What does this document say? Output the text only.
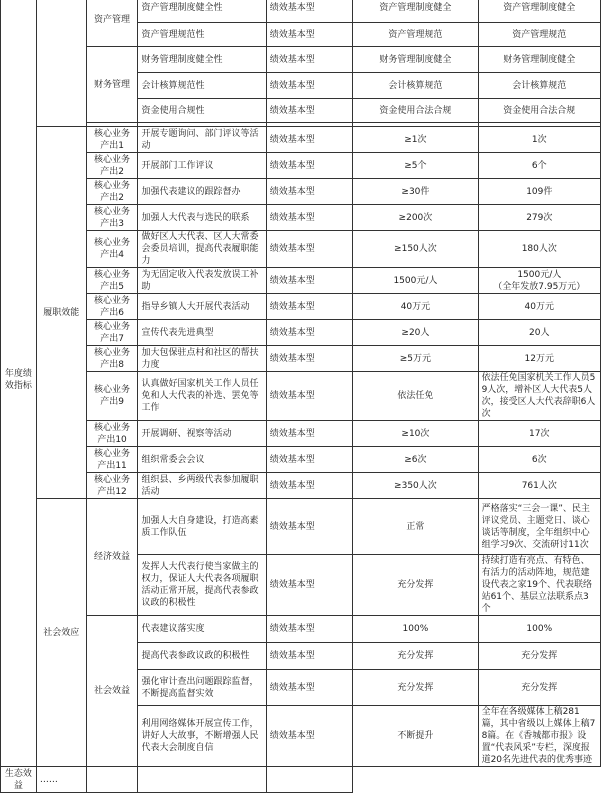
年度绩效指标		资产管理	资产管理制度健全性	绩效基本型	资产管理制度健全	资产管理制度健全
			资产管理规范性	绩效基本型	资产管理规范	资产管理规范
		财务管理	财务管理制度健全性	绩效基本型	财务管理制度健全	财务管理制度健全
			会计核算规范性	绩效基本型	会计核算规范	会计核算规范
			资金使用合规性	绩效基本型	资金使用合法合规	资金使用合法合规

	履职效能	核心业务产出1	开展专题询问、部门评议等活动	绩效基本型	≥1次	1次
		核心业务产出2	开展部门工作评议	绩效基本型	≥5个	6个
		核心业务产出2	加强代表建议的跟踪督办	绩效基本型	≥30件	109件
		核心业务产出3	加强人大代表与选民的联系	绩效基本型	≥200次	279次
		核心业务产出4	做好区人大代表、区人大常委会委员培训，提高代表履职能力	绩效基本型	≥150人次	180人次
		核心业务产出5	为无固定收入代表发放误工补助	绩效基本型	1500元/人	1500元/人
（全年发放7.95万元）
		核心业务产出6	指导乡镇人大开展代表活动	绩效基本型	40万元	40万元
		核心业务产出7	宣传代表先进典型	绩效基本型	≥20人	20人
		核心业务产出8	加大包保驻点村和社区的帮扶力度	绩效基本型	≥5万元	12万元
		核心业务产出9	认真做好国家机关工作人员任免和人大代表的补选、罢免等工作	绩效基本型	依法任免	依法任免国家机关工作人员59人次，增补区人大代表5人次，接受区人大代表辞职6人次
		核心业务产出10	开展调研、视察等活动	绩效基本型	≥10次	17次
		核心业务产出11	组织常委会会议	绩效基本型	≥6次	6次
		核心业务产出12	组织县、乡两级代表参加履职活动	绩效基本型	≥350人次	761人次
	社会效应	经济效益	加强人大自身建设，打造高素质工作队伍	绩效基本型	正常	严格落实“三会一课”、民主评议党员、主题党日、谈心谈话等制度，全年组织中心组学习9次、交流研讨11次
			发挥人大代表行使当家做主的权力，保证人大代表各项履职活动正常开展，提高代表参政议政的积极性	绩效基本型	充分发挥	持续打造有亮点、有特色、有活力的活动阵地，规范建设代表之家19个、代表联络站61个、基层立法联系点3个
		社会效益	代表建议落实度	绩效基本型	100%	100%
			提高代表参政议政的积极性	绩效基本型	充分发挥	充分发挥
			强化审计查出问题跟踪监督，不断提高监督实效	绩效基本型	充分发挥	充分发挥
			利用网络媒体开展宣传工作，讲好人大故事，不断增强人民代表大会制度自信	绩效基本型	不断提升	全年在各级媒体上稿281篇，其中省级以上媒体上稿78篇。在《香城都市报》设置“代表风采”专栏，深度报道20名先进代表的优秀事迹
生态效益	……					
